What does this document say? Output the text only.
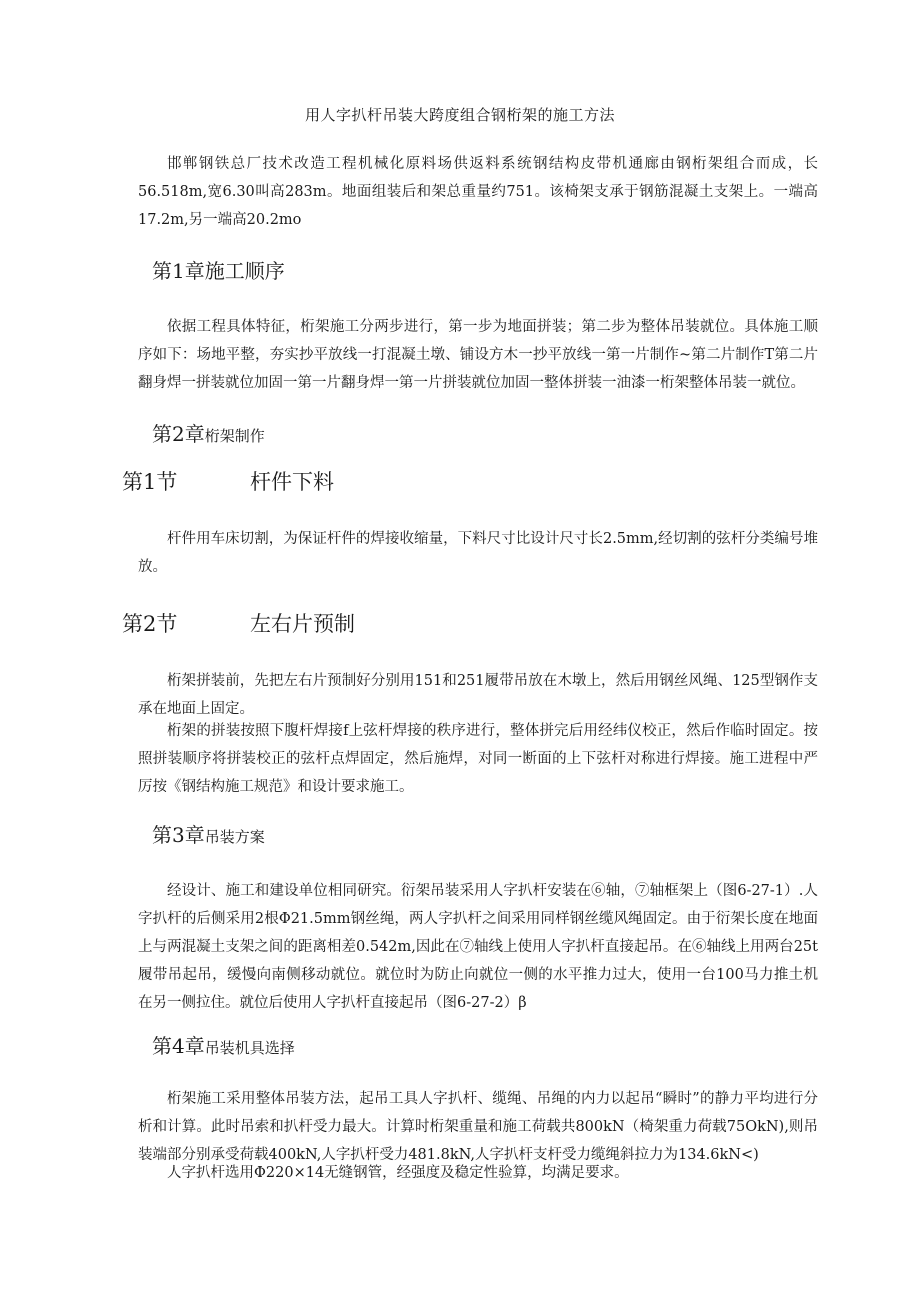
用人字扒杆吊装大跨度组合钢桁架的施工方法

邯郸钢铁总厂技术改造工程机械化原料场供返料系统钢结构皮带机通廊由钢桁架组合而成，长56.518m,宽6.30叫高283m。地面组装后和架总重量约751。该椅架支承于钢筋混凝土支架上。一端高17.2m,另一端高20.2mo

第1章施工顺序

依据工程具体特征，桁架施工分两步进行，第一步为地面拼装；第二步为整体吊装就位。具体施工顺序如下：场地平整，夯实抄平放线一打混凝土墩、铺设方木一抄平放线一第一片制作~第二片制作T第二片翻身焊一拼装就位加固一第一片翻身焊一第一片拼装就位加固一整体拼装一油漆一桁架整体吊装一就位。

第2章桁架制作
第1节	杆件下料

杆件用车床切割，为保证杆件的焊接收缩量，下料尺寸比设计尺寸长2.5mm,经切割的弦杆分类编号堆放。

第2节	左右片预制

桁架拼装前，先把左右片预制好分别用151和251履带吊放在木墩上，然后用钢丝风绳、125型钢作支承在地面上固定。

桁架的拼装按照下腹杆焊接f上弦杆焊接的秩序进行，整体拼完后用经纬仪校正，然后作临时固定。按照拼装顺序将拼装校正的弦杆点焊固定，然后施焊，对同一断面的上下弦杆对称进行焊接。施工进程中严厉按《钢结构施工规范》和设计要求施工。

第3章吊装方案

经设计、施工和建设单位相同研究。衍架吊装采用人字扒杆安装在⑥轴，⑦轴框架上（图6-27-1）.人字扒杆的后侧采用2根Φ21.5mm钢丝绳，两人字扒杆之间采用同样钢丝缆风绳固定。由于衍架长度在地面上与两混凝土支架之间的距离相差0.542m,因此在⑦轴线上使用人字扒杆直接起吊。在⑥轴线上用两台25t履带吊起吊，缓慢向南侧移动就位。就位时为防止向就位一侧的水平推力过大，使用一台100马力推土机在另一侧拉住。就位后使用人字扒杆直接起吊（图6-27-2）β

第4章吊装机具选择

桁架施工采用整体吊装方法，起吊工具人字扒杆、缆绳、吊绳的内力以起吊“瞬时”的静力平均进行分析和计算。此时吊索和扒杆受力最大。计算时桁架重量和施工荷载共800kN（椅架重力荷载75OkN),则吊装端部分别承受荷载400kN,人字扒杆受力481.8kN,人字扒杆支杆受力缆绳斜拉力为134.6kN<)

人字扒杆选用Φ220×14无缝钢管，经强度及稳定性验算，均满足要求。
